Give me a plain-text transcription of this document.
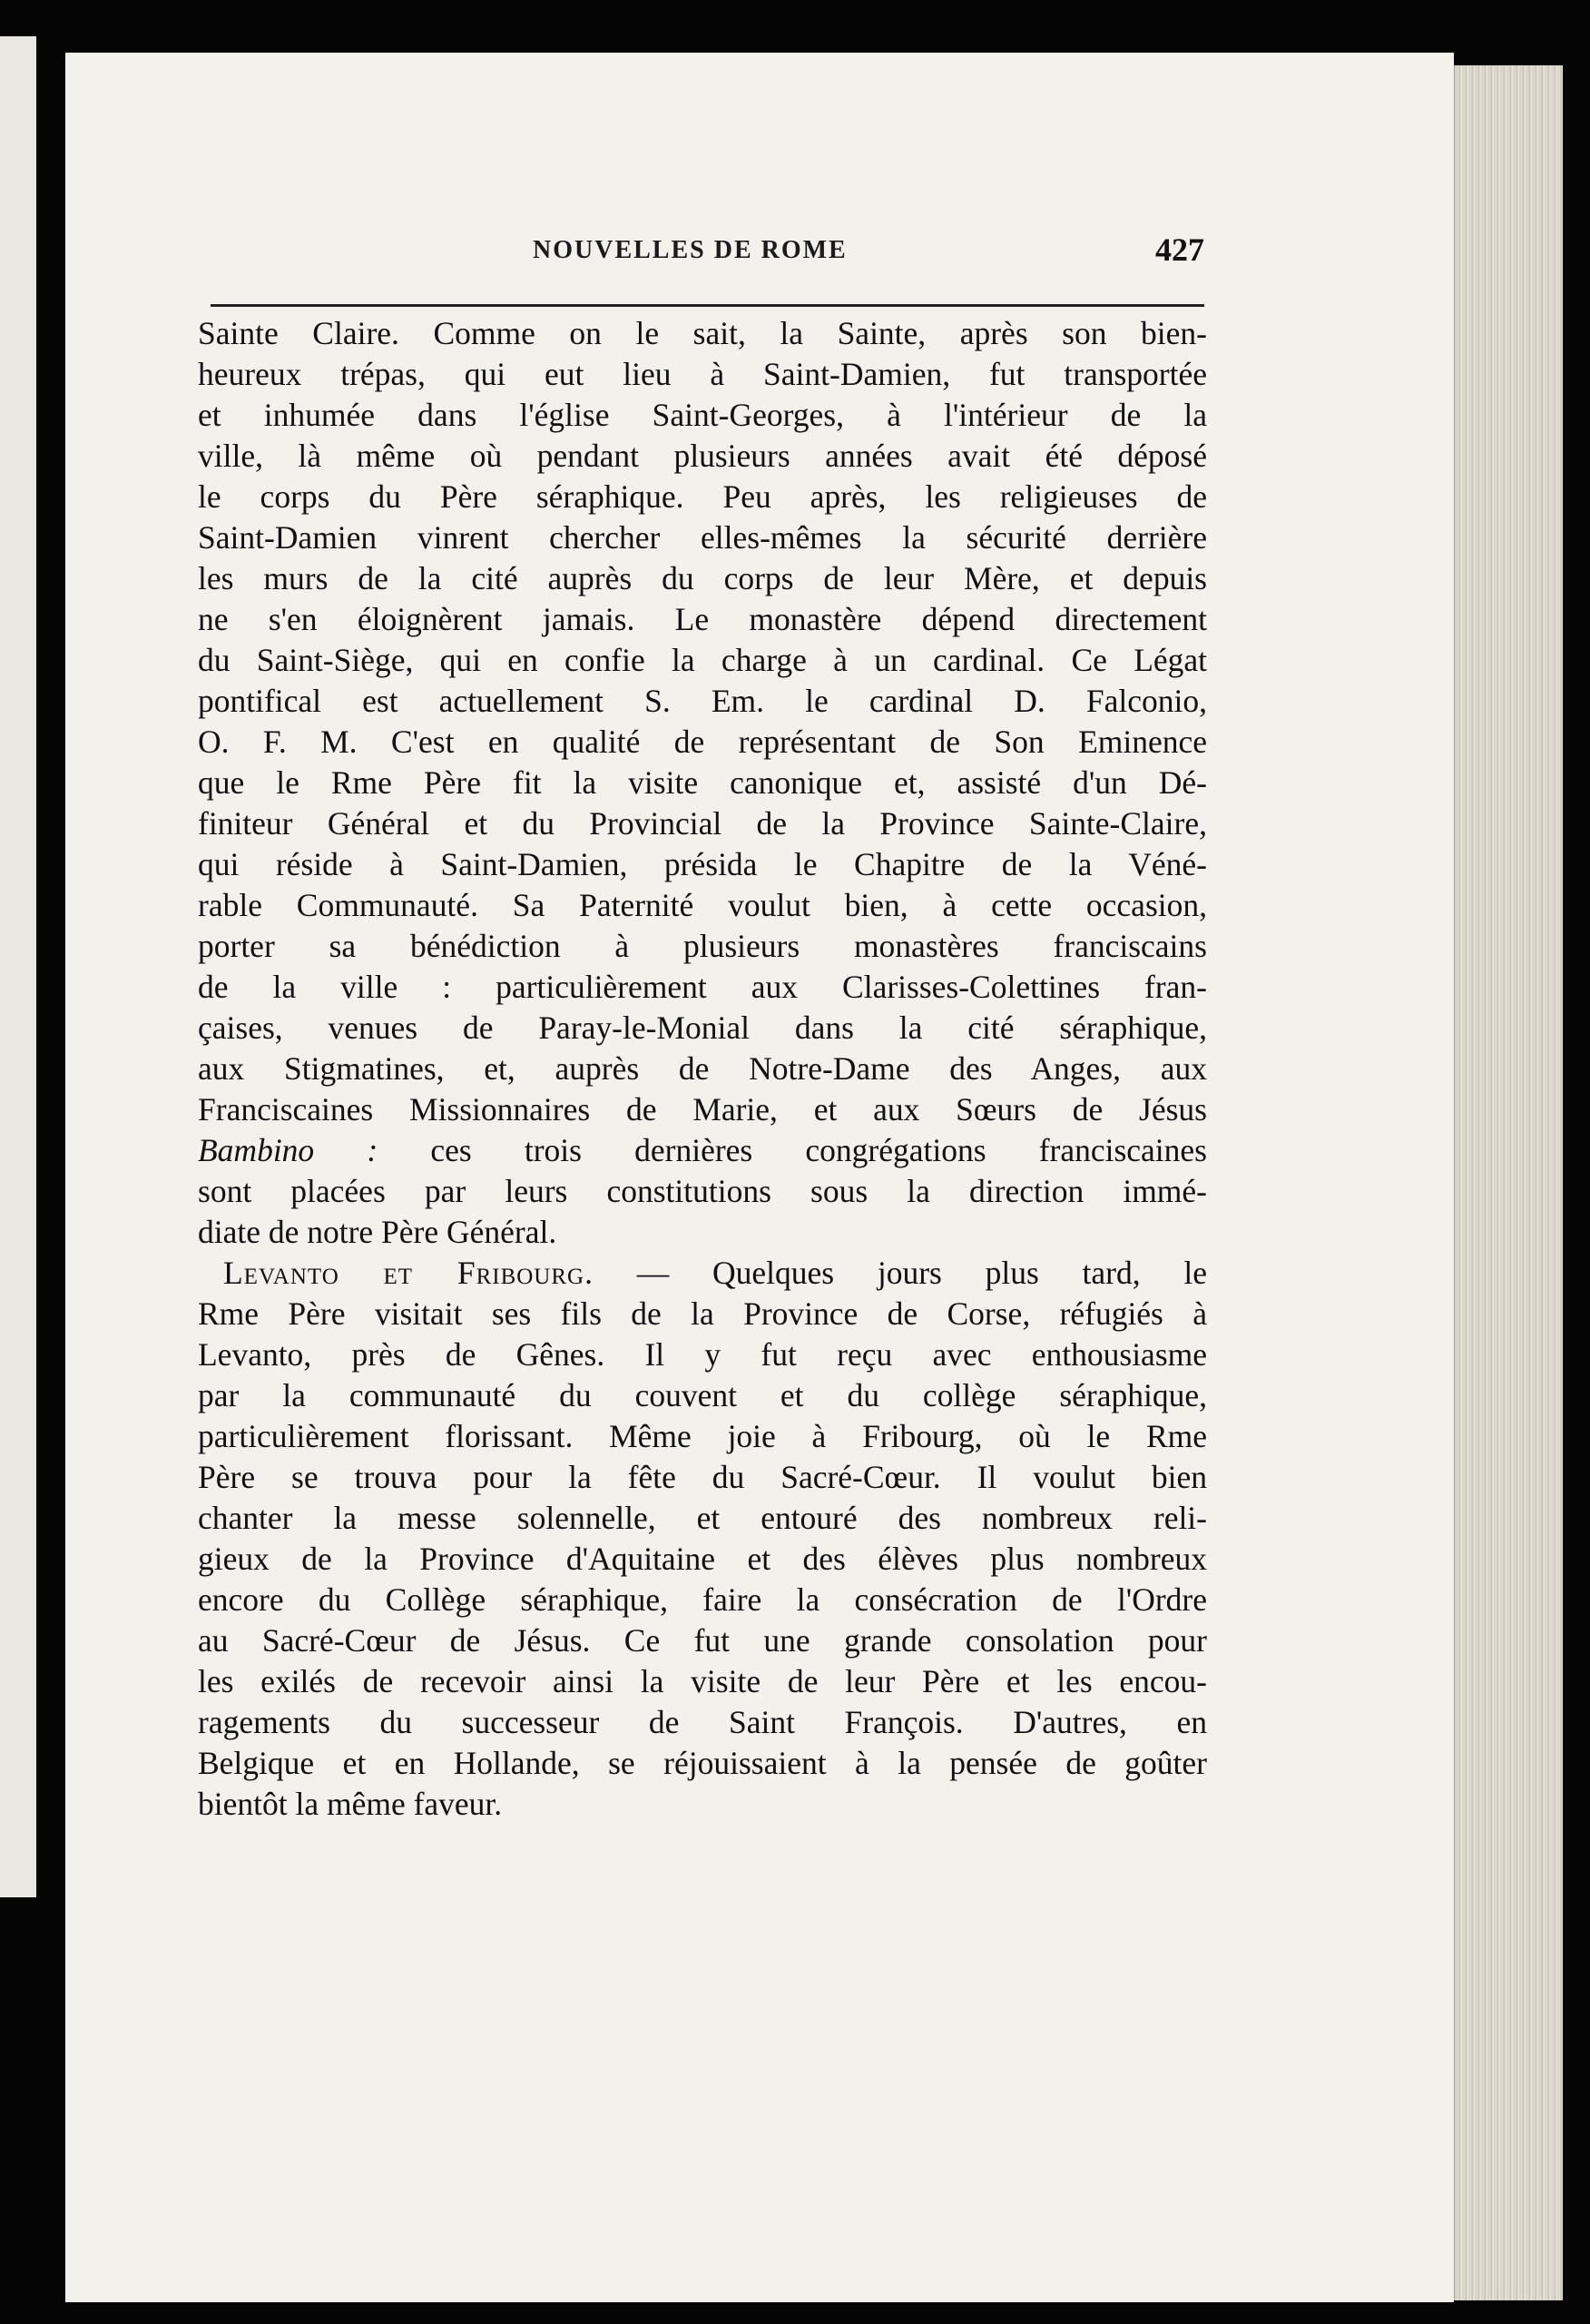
NOUVELLES DE ROME	427
Sainte Claire. Comme on le sait, la Sainte, après son bien-
heureux trépas, qui eut lieu à Saint-Damien, fut transportée
et inhumée dans l'église Saint-Georges, à l'intérieur de la
ville, là même où pendant plusieurs années avait été déposé
le corps du Père séraphique. Peu après, les religieuses de
Saint-Damien vinrent chercher elles-mêmes la sécurité derrière
les murs de la cité auprès du corps de leur Mère, et depuis
ne s'en éloignèrent jamais. Le monastère dépend directement
du Saint-Siège, qui en confie la charge à un cardinal. Ce Légat
pontifical est actuellement S. Em. le cardinal D. Falconio,
O. F. M. C'est en qualité de représentant de Son Eminence
que le Rme Père fit la visite canonique et, assisté d'un Dé-
finiteur Général et du Provincial de la Province Sainte-Claire,
qui réside à Saint-Damien, présida le Chapitre de la Véné-
rable Communauté. Sa Paternité voulut bien, à cette occasion,
porter sa bénédiction à plusieurs monastères franciscains
de la ville : particulièrement aux Clarisses-Colettines fran-
çaises, venues de Paray-le-Monial dans la cité séraphique,
aux Stigmatines, et, auprès de Notre-Dame des Anges, aux
Franciscaines Missionnaires de Marie, et aux Sœurs de Jésus
Bambino : ces trois dernières congrégations franciscaines
sont placées par leurs constitutions sous la direction immé-
diate de notre Père Général.
Levanto et Fribourg. — Quelques jours plus tard, le
Rme Père visitait ses fils de la Province de Corse, réfugiés à
Levanto, près de Gênes. Il y fut reçu avec enthousiasme
par la communauté du couvent et du collège séraphique,
particulièrement florissant. Même joie à Fribourg, où le Rme
Père se trouva pour la fête du Sacré-Cœur. Il voulut bien
chanter la messe solennelle, et entouré des nombreux reli-
gieux de la Province d'Aquitaine et des élèves plus nombreux
encore du Collège séraphique, faire la consécration de l'Ordre
au Sacré-Cœur de Jésus. Ce fut une grande consolation pour
les exilés de recevoir ainsi la visite de leur Père et les encou-
ragements du successeur de Saint François. D'autres, en
Belgique et en Hollande, se réjouissaient à la pensée de goûter
bientôt la même faveur.
